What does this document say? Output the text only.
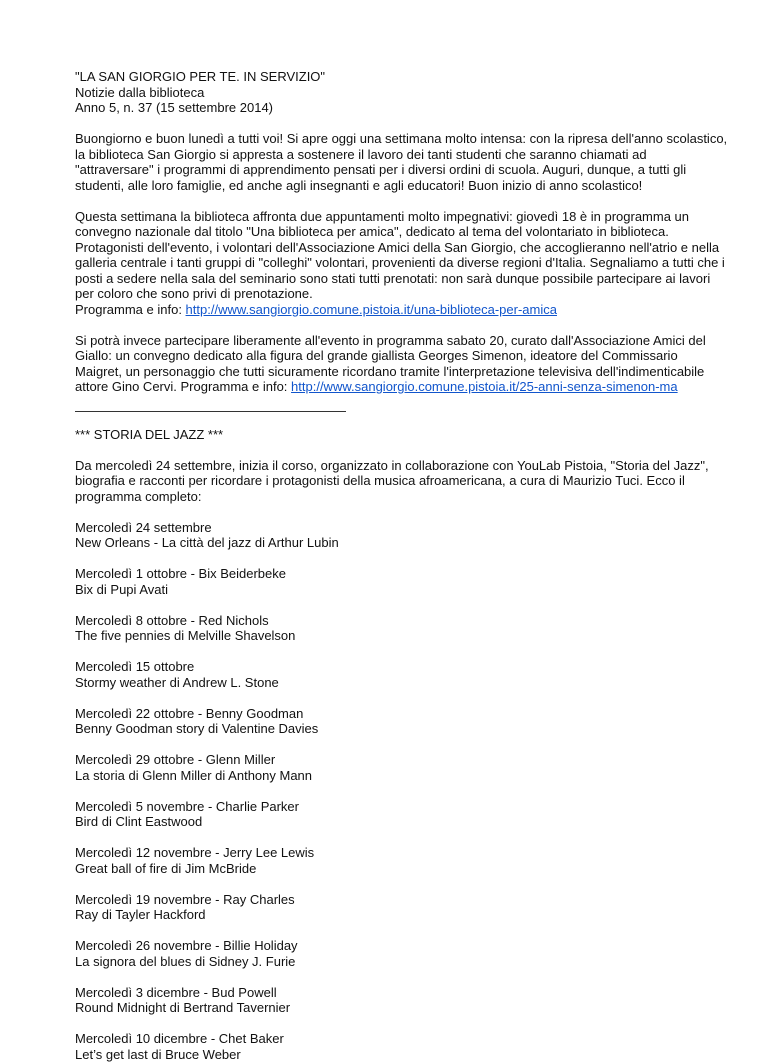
"LA SAN GIORGIO PER TE. IN SERVIZIO"
Notizie dalla biblioteca
Anno 5, n. 37 (15 settembre 2014)

Buongiorno e buon lunedì a tutti voi! Si apre oggi una settimana molto intensa: con la ripresa dell'anno scolastico, la biblioteca San Giorgio si appresta a sostenere il lavoro dei tanti studenti che saranno chiamati ad "attraversare" i programmi di apprendimento pensati per i diversi ordini di scuola. Auguri, dunque, a tutti gli studenti, alle loro famiglie, ed anche agli insegnanti e agli educatori! Buon inizio di anno scolastico!

Questa settimana la biblioteca affronta due appuntamenti molto impegnativi: giovedì 18 è in programma un convegno nazionale dal titolo "Una biblioteca per amica", dedicato al tema del volontariato in biblioteca. Protagonisti dell'evento, i volontari dell'Associazione Amici della San Giorgio, che accoglieranno nell'atrio e nella galleria centrale i tanti gruppi di "colleghi" volontari, provenienti da diverse regioni d'Italia. Segnaliamo a tutti che i posti a sedere nella sala del seminario sono stati tutti prenotati: non sarà dunque possibile partecipare ai lavori per coloro che sono privi di prenotazione.
Programma e info: http://www.sangiorgio.comune.pistoia.it/una-biblioteca-per-amica

Si potrà invece partecipare liberamente all'evento in programma sabato 20, curato dall'Associazione Amici del Giallo: un convegno dedicato alla figura del grande giallista Georges Simenon, ideatore del Commissario Maigret, un personaggio che tutti sicuramente ricordano tramite l'interpretazione televisiva dell'indimenticabile attore Gino Cervi. Programma e info: http://www.sangiorgio.comune.pistoia.it/25-anni-senza-simenon-ma

*** STORIA DEL JAZZ ***

Da mercoledì 24 settembre, inizia il corso, organizzato in collaborazione con YouLab Pistoia, "Storia del Jazz", biografia e racconti per ricordare i protagonisti della musica afroamericana, a cura di Maurizio Tuci. Ecco il programma completo:

Mercoledì 24 settembre
New Orleans - La città del jazz di Arthur Lubin

Mercoledì 1 ottobre - Bix Beiderbeke
Bix di Pupi Avati

Mercoledì 8 ottobre - Red Nichols
The five pennies di Melville Shavelson

Mercoledì 15 ottobre
Stormy weather di Andrew L. Stone

Mercoledì 22 ottobre - Benny Goodman
Benny Goodman story di Valentine Davies

Mercoledì 29 ottobre - Glenn Miller
La storia di Glenn Miller di Anthony Mann

Mercoledì 5 novembre - Charlie Parker
Bird di Clint Eastwood

Mercoledì 12 novembre - Jerry Lee Lewis
Great ball of fire di Jim McBride

Mercoledì 19 novembre - Ray Charles
Ray di Tayler Hackford

Mercoledì 26 novembre - Billie Holiday
La signora del blues di Sidney J. Furie

Mercoledì 3 dicembre - Bud Powell
Round Midnight di Bertrand Tavernier

Mercoledì 10 dicembre - Chet Baker
Let’s get last di Bruce Weber
